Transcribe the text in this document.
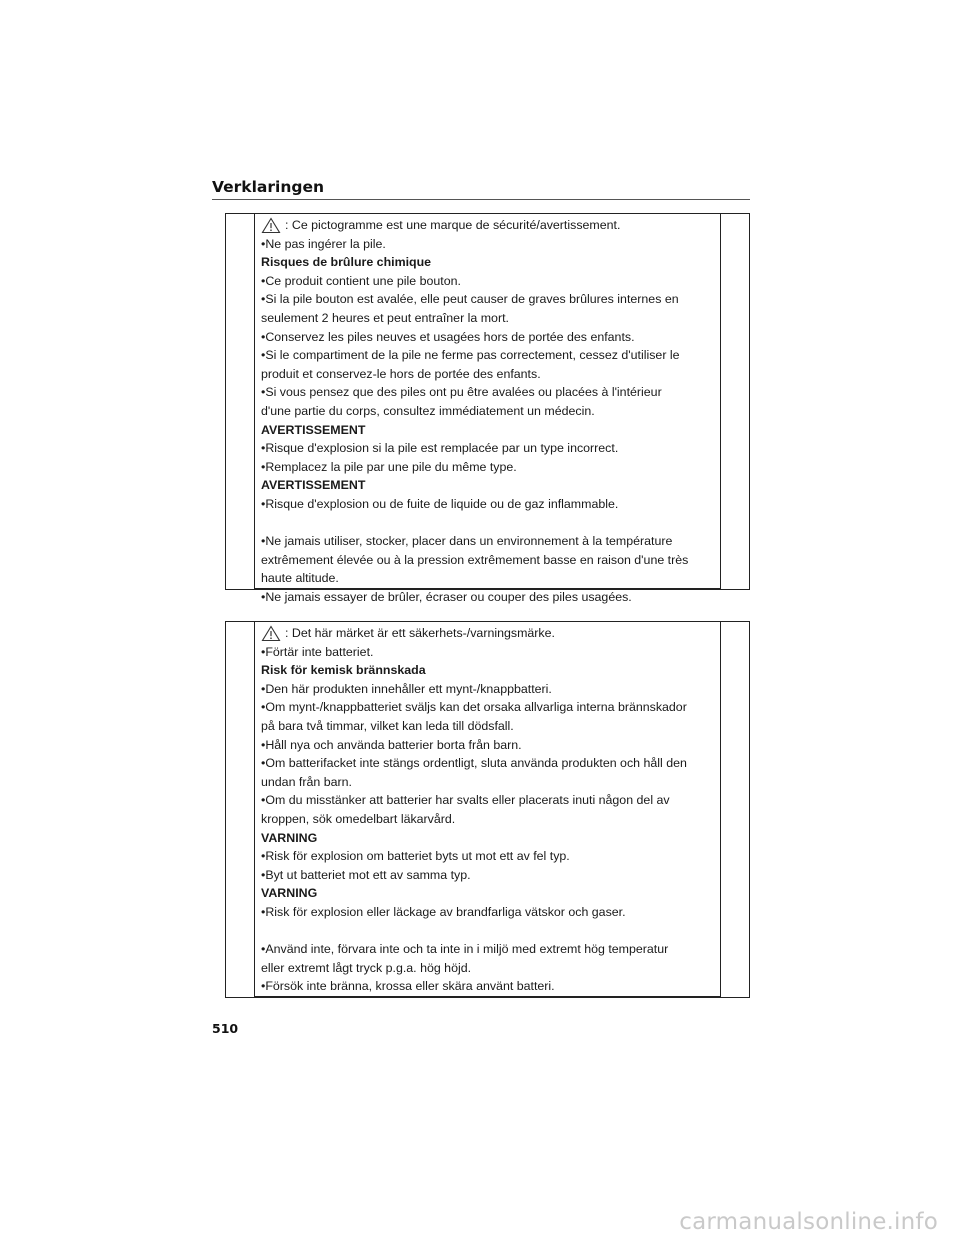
Verklaringen
: Ce pictogramme est une marque de sécurité/avertissement.
•Ne pas ingérer la pile.
Risques de brûlure chimique
•Ce produit contient une pile bouton.
•Si la pile bouton est avalée, elle peut causer de graves brûlures internes en
seulement 2 heures et peut entraîner la mort.
•Conservez les piles neuves et usagées hors de portée des enfants.
•Si le compartiment de la pile ne ferme pas correctement, cessez d'utiliser le
produit et conservez-le hors de portée des enfants.
•Si vous pensez que des piles ont pu être avalées ou placées à l'intérieur
d'une partie du corps, consultez immédiatement un médecin.
AVERTISSEMENT
•Risque d'explosion si la pile est remplacée par un type incorrect.
•Remplacez la pile par une pile du même type.
AVERTISSEMENT
•Risque d'explosion ou de fuite de liquide ou de gaz inflammable.
•Ne jamais utiliser, stocker, placer dans un environnement à la température
extrêmement élevée ou à la pression extrêmement basse en raison d'une très
haute altitude.
•Ne jamais essayer de brûler, écraser ou couper des piles usagées.
: Det här märket är ett säkerhets-/varningsmärke.
•Förtär inte batteriet.
Risk för kemisk brännskada
•Den här produkten innehåller ett mynt-/knappbatteri.
•Om mynt-/knappbatteriet sväljs kan det orsaka allvarliga interna brännskador
på bara två timmar, vilket kan leda till dödsfall.
•Håll nya och använda batterier borta från barn.
•Om batterifacket inte stängs ordentligt, sluta använda produkten och håll den
undan från barn.
•Om du misstänker att batterier har svalts eller placerats inuti någon del av
kroppen, sök omedelbart läkarvård.
VARNING
•Risk för explosion om batteriet byts ut mot ett av fel typ.
•Byt ut batteriet mot ett av samma typ.
VARNING
•Risk för explosion eller läckage av brandfarliga vätskor och gaser.
•Använd inte, förvara inte och ta inte in i miljö med extremt hög temperatur
eller extremt lågt tryck p.g.a. hög höjd.
•Försök inte bränna, krossa eller skära använt batteri.
510
carmanualsonline.info
